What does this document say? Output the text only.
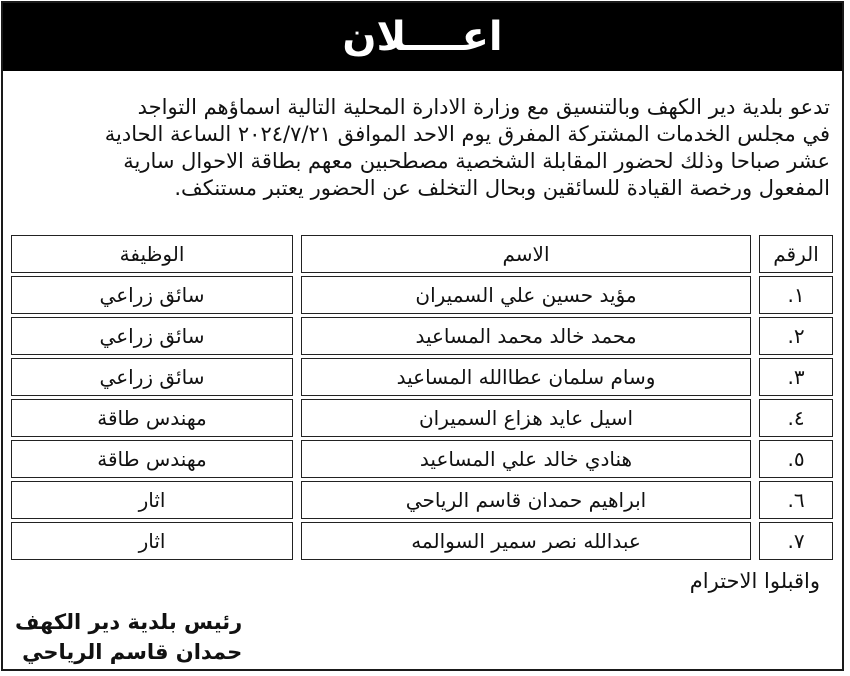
اعــــلان
تدعو بلدية دير الكهف وبالتنسيق مع وزارة الادارة المحلية التالية اسماؤهم التواجد
في مجلس الخدمات المشتركة المفرق يوم الاحد الموافق ٢٠٢٤/٧/٢١ الساعة الحادية
عشر صباحا وذلك لحضور المقابلة الشخصية مصطحبين معهم بطاقة الاحوال سارية
المفعول ورخصة القيادة للسائقين وبحال التخلف عن الحضور يعتبر مستنكف.
الرقم	الاسم	الوظيفة

١.	مؤيد حسين علي السميران	سائق زراعي

٢.	محمد خالد محمد المساعيد	سائق زراعي

٣.	وسام سلمان عطاالله المساعيد	سائق زراعي

٤.	اسيل عايد هزاع السميران	مهندس طاقة

٥.	هنادي خالد علي المساعيد	مهندس طاقة

٦.	ابراهيم حمدان قاسم الرياحي	اثار

٧.	عبدالله نصر سمير السوالمه	اثار
واقبلوا الاحترام
رئيس بلدية دير الكهف
حمدان قاسم الرياحي
